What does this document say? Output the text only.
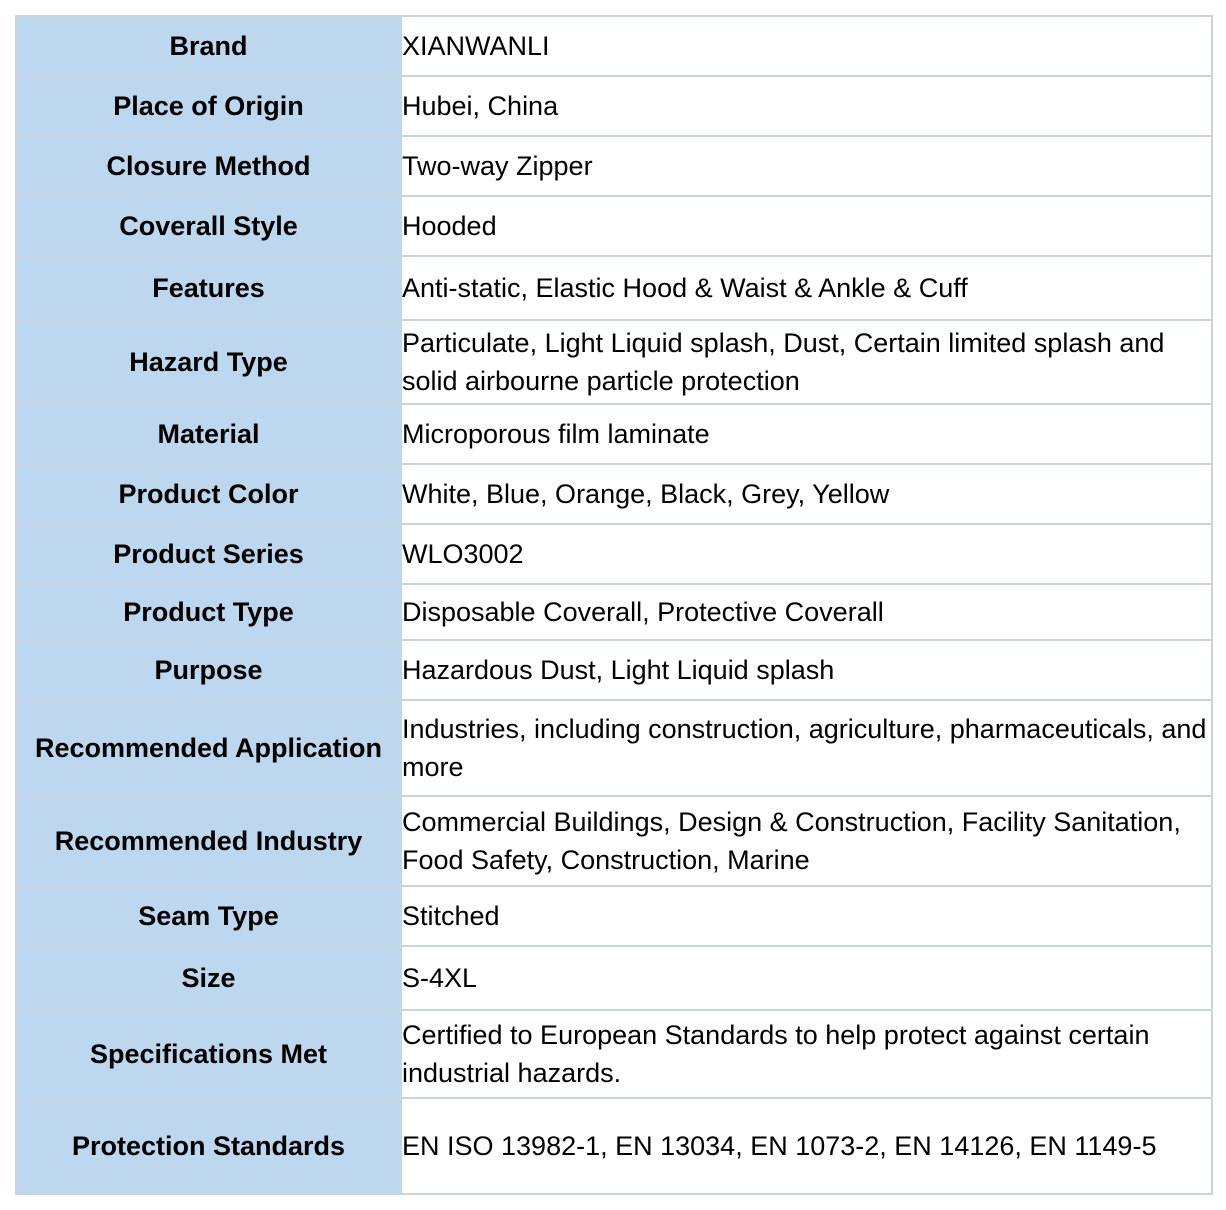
Brand	XIANWANLI

Place of Origin	Hubei, China

Closure Method	Two-way Zipper

Coverall Style	Hooded

Features	Anti-static, Elastic Hood & Waist & Ankle & Cuff

Hazard Type	Particulate, Light Liquid splash, Dust, Certain limited splash and solid airbourne particle protection

Material	Microporous film laminate

Product Color	White, Blue, Orange, Black, Grey, Yellow

Product Series	WLO3002

Product Type	Disposable Coverall, Protective Coverall

Purpose	Hazardous Dust, Light Liquid splash

Recommended Application	Industries, including construction, agriculture, pharmaceuticals, and more

Recommended Industry	Commercial Buildings, Design & Construction, Facility Sanitation, Food Safety, Construction, Marine

Seam Type	Stitched

Size	S-4XL

Specifications Met	Certified to European Standards to help protect against certain industrial hazards.

Protection Standards	EN ISO 13982-1, EN 13034, EN 1073-2, EN 14126, EN 1149-5
